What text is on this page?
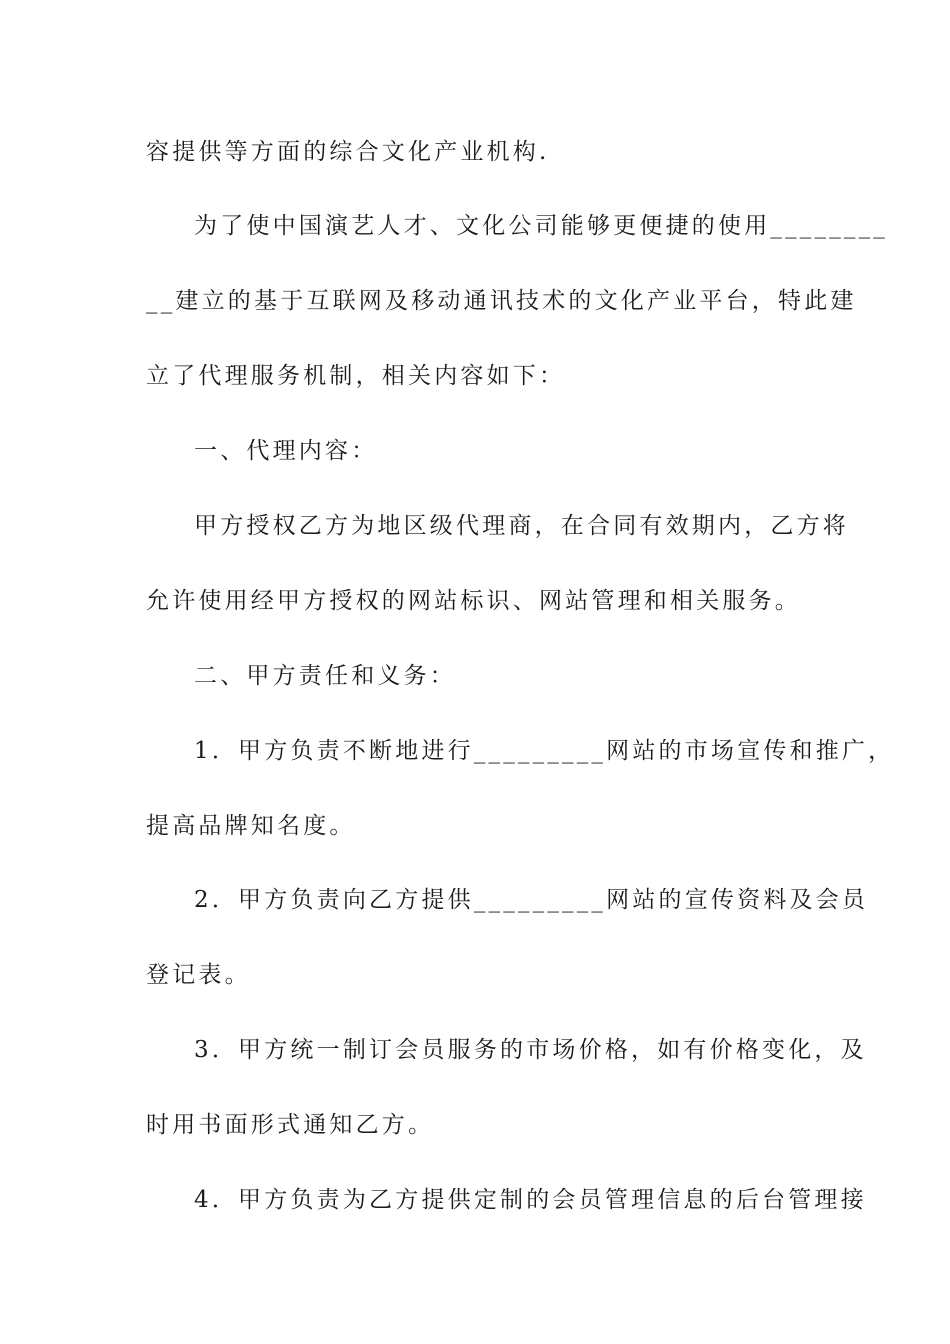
容提供等方面的综合文化产业机构.
为了使中国演艺人才、文化公司能够更便捷的使用________
__建立的基于互联网及移动通讯技术的文化产业平台，特此建
立了代理服务机制，相关内容如下：
一、代理内容：
甲方授权乙方为地区级代理商，在合同有效期内，乙方将
允许使用经甲方授权的网站标识、网站管理和相关服务。
二、甲方责任和义务：
1．甲方负责不断地进行_________网站的市场宣传和推广，
提高品牌知名度。
2．甲方负责向乙方提供_________网站的宣传资料及会员
登记表。
3．甲方统一制订会员服务的市场价格，如有价格变化，及
时用书面形式通知乙方。
4．甲方负责为乙方提供定制的会员管理信息的后台管理接
